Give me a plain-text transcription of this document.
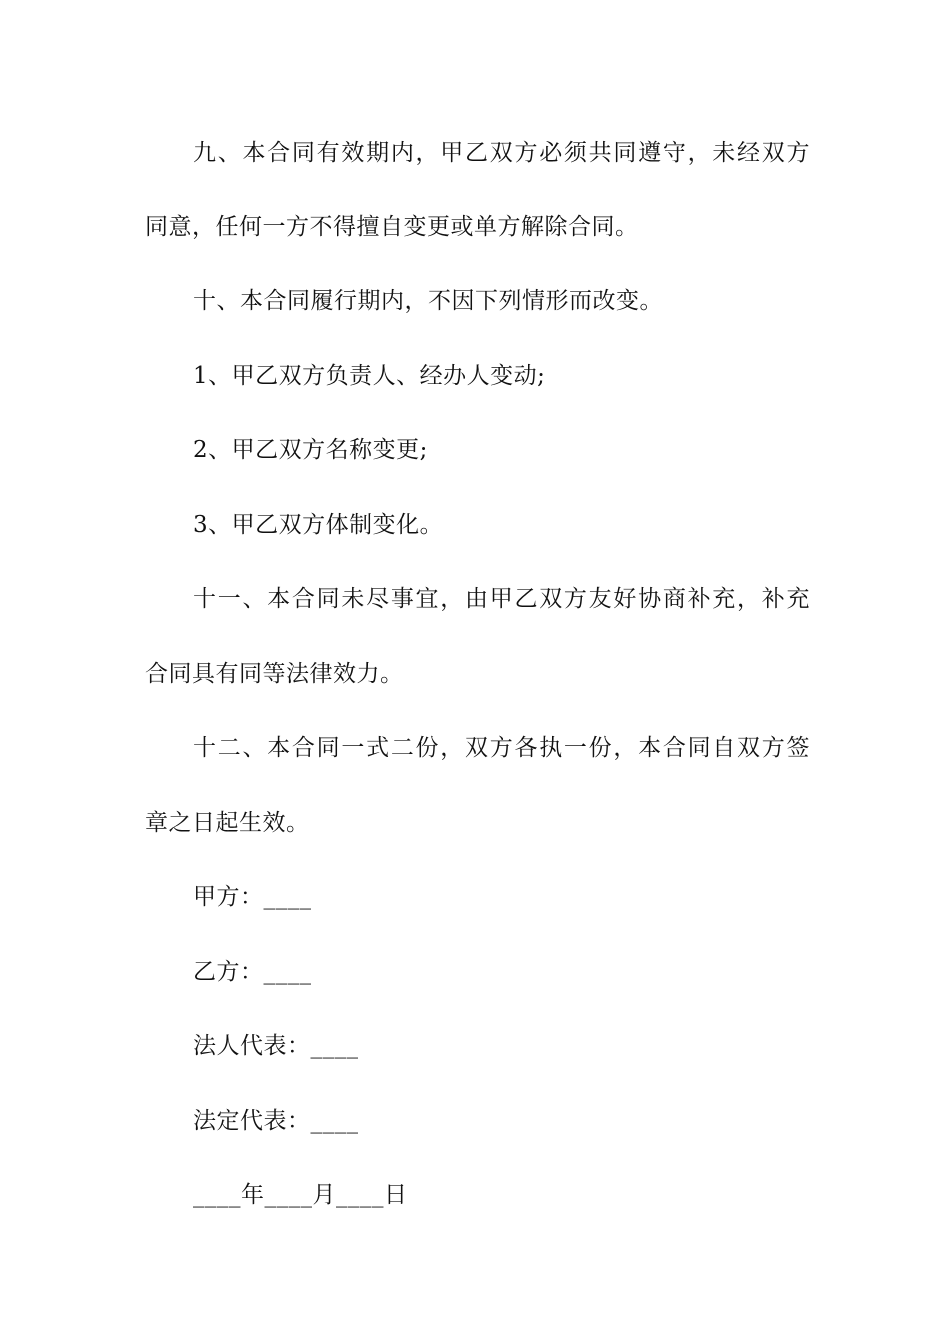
九、本合同有效期内，甲乙双方必须共同遵守，未经双方
同意，任何一方不得擅自变更或单方解除合同。
十、本合同履行期内，不因下列情形而改变。
1、甲乙双方负责人、经办人变动;
2、甲乙双方名称变更;
3、甲乙双方体制变化。
十一、本合同未尽事宜，由甲乙双方友好协商补充，补充
合同具有同等法律效力。
十二、本合同一式二份，双方各执一份，本合同自双方签
章之日起生效。
甲方：____
乙方：____
法人代表：____
法定代表：____
____年____月____日
